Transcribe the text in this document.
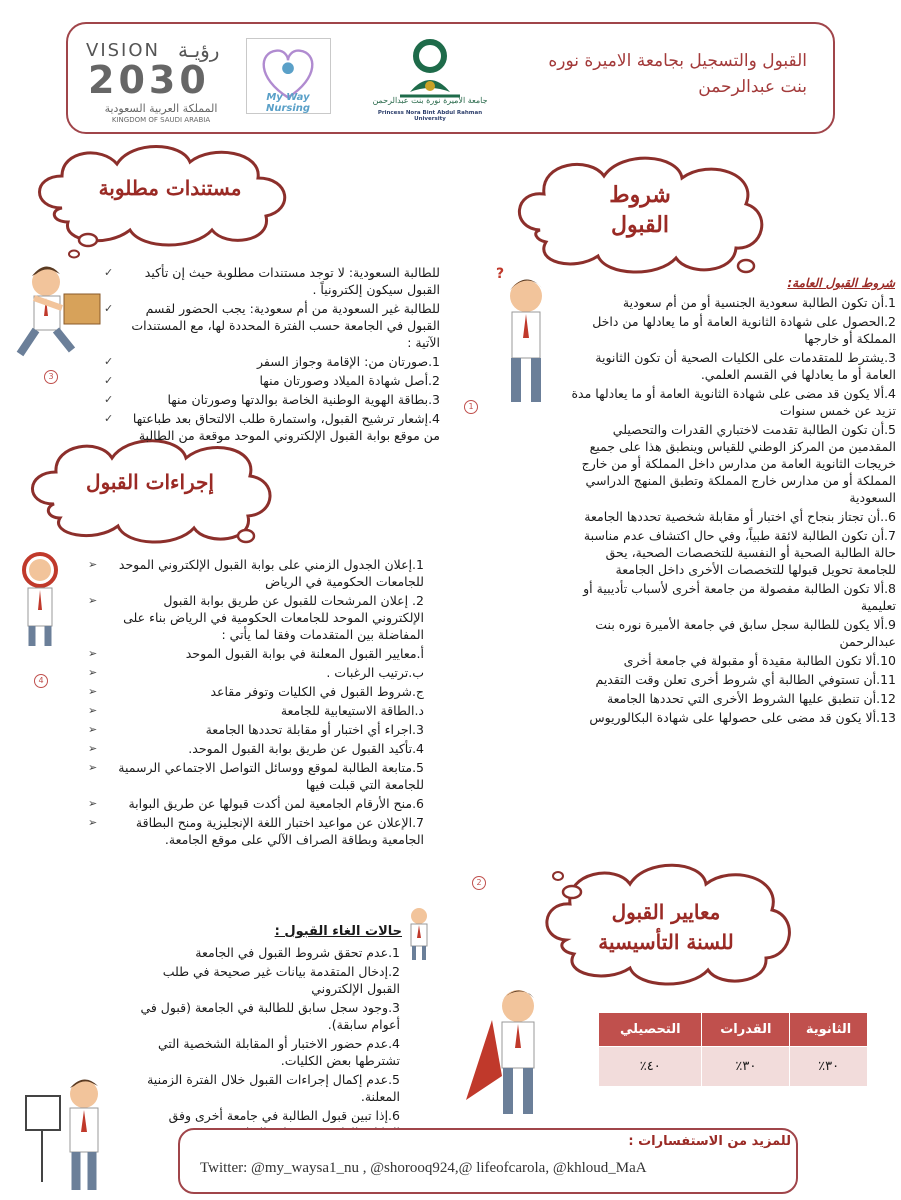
القبول والتسجيل بجامعة الاميرة نوره بنت عبدالرحمن
جامعة الأميرة نورة بنت عبدالرحمن
Princess Nora Bint Abdul Rahman University
My Way Nursing
VISION رؤيـة
2030
المملكة العربية السعودية
KINGDOM OF SAUDI ARABIA
مستندات مطلوبة	شروط
القبول
إجراءات القبول
معايير القبول
للسنة التأسيسية
?
1
2
3
4
✓	للطالبة السعودية: لا توجد مستندات مطلوبة حيث إن تأكيد القبول سيكون إلكترونياً .
✓	للطالبة غير السعودية من أم سعودية: يجب الحضور لقسم القبول في الجامعة حسب الفترة المحددة لها، مع المستندات الآتية :
✓	1.صورتان من: الإقامة وجواز السفر
✓	2.أصل شهادة الميلاد وصورتان منها
✓	3.بطاقة الهوية الوطنية الخاصة بوالدتها وصورتان منها
✓ 4.إشعار ترشيح القبول، واستمارة طلب الالتحاق بعد طباعتها من موقع بوابة القبول الإلكتروني الموحد موقعة من الطالبة
شروط القبول العامة:
1.أن تكون الطالبة سعودية الجنسية أو من أم سعودية
2.الحصول على شهادة الثانوية العامة أو ما يعادلها من داخل المملكة أو خارجها
3.يشترط للمتقدمات على الكليات الصحية أن تكون الثانوية العامة أو ما يعادلها في القسم العلمي.
4.ألا يكون قد مضى على شهادة الثانوية العامة أو ما يعادلها مدة تزيد عن خمس سنوات
5.أن تكون الطالبة تقدمت لاختباري القدرات والتحصيلي المقدمين من المركز الوطني للقياس وينطبق هذا على جميع خريجات الثانوية العامة من مدارس داخل المملكة أو من خارج المملكة أو من مدارس خارج المملكة وتطبق المنهج الدراسي السعودية
6..أن تجتاز بنجاح أي اختبار أو مقابلة شخصية تحددها الجامعة
7.أن تكون الطالبة لائقة طبياً، وفي حال اكتشاف عدم مناسبة حالة الطالبة الصحية أو النفسية للتخصصات الصحية، يحق للجامعة تحويل قبولها للتخصصات الأخرى داخل الجامعة
8.ألا تكون الطالبة مفصولة من جامعة أخرى لأسباب تأديبية أو تعليمية
9.ألا يكون للطالبة سجل سابق في جامعة الأميرة نوره بنت عبدالرحمن
10.ألا تكون الطالبة مقيدة أو مقبولة في جامعة أخرى
11.أن تستوفي الطالبة أي شروط أخرى تعلن وقت التقديم
12.أن تنطبق عليها الشروط الأخرى التي تحددها الجامعة
13.ألا يكون قد مضى على حصولها على شهادة البكالوريوس
➢ 1.إعلان الجدول الزمني على بوابة القبول الإلكتروني الموحد للجامعات الحكومية في الرياض
➢	2. إعلان المرشحات للقبول عن طريق بوابة القبول الإلكتروني الموحد للجامعات الحكومية في الرياض بناء على المفاضلة بين المتقدمات وفقا لما يأتي :
➢	أ.معايير القبول المعلنة في بوابة القبول الموحد
➢	ب.ترتيب الرغبات .
➢	ج.شروط القبول في الكليات وتوفر مقاعد
➢	د.الطاقة الاستيعابية للجامعة
➢	3.اجراء أي اختبار أو مقابلة تحددها الجامعة
➢	4.تأكيد القبول عن طريق بوابة القبول الموحد.
➢ 5.متابعة الطالبة لموقع ووسائل التواصل الاجتماعي الرسمية للجامعة التي قبلت فيها
➢ 6.منح الأرقام الجامعية لمن أكدت قبولها عن طريق البوابة
➢	7.الإعلان عن مواعيد اختبار اللغة الإنجليزية ومنح البطاقة الجامعية وبطاقة الصراف الآلي على موقع الجامعة.
حالات الغاء القبول :
1.عدم تحقق شروط القبول في الجامعة
2.إدخال المتقدمة بيانات غير صحيحة في طلب القبول الإلكتروني
3.وجود سجل سابق للطالبة في الجامعة (قبول في أعوام سابقة).
4.عدم حضور الاختبار أو المقابلة الشخصية التي تشترطها بعض الكليات.
5.عدم إكمال إجراءات القبول خلال الفترة الزمنية المعلنة.
6.إذا تبين قبول الطالبة في جامعة أخرى وفق
الثانوية	القدرات	التحصيلي
٣٠٪	٣٠٪	٤٠٪
للمزيد من الاستفسارات :
Twitter: @my_waysa1_nu , @shorooq924,@ lifeofcarola, @khloud_MaA
